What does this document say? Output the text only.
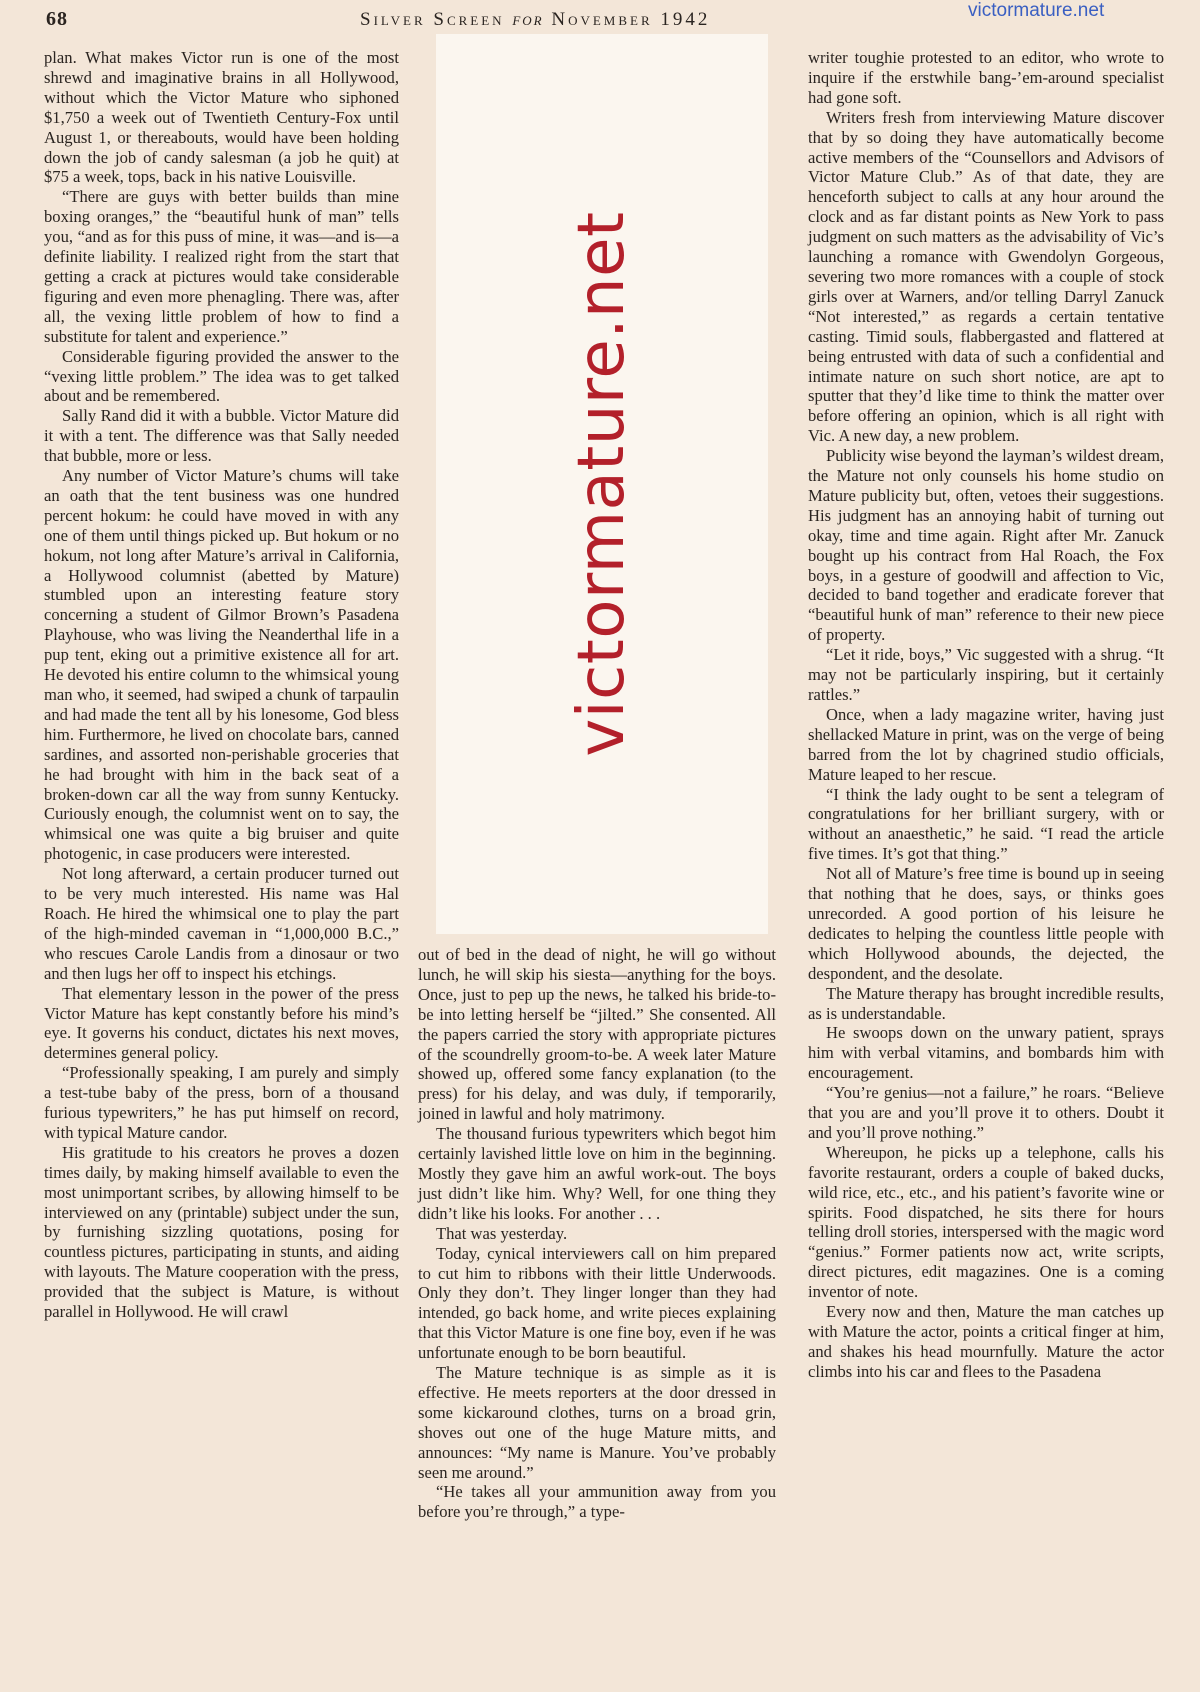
68	Silver Screen for November 1942	victormature.net
victormature.net

plan. What makes Victor run is one of the most shrewd and imaginative brains in all Hollywood, without which the Victor Mature who siphoned $1,750 a week out of Twentieth Century-Fox until August 1, or thereabouts, would have been holding down the job of candy salesman (a job he quit) at $75 a week, tops, back in his native Louisville.

“There are guys with better builds than mine boxing oranges,” the “beautiful hunk of man” tells you, “and as for this puss of mine, it was—and is—a definite liability. I realized right from the start that getting a crack at pictures would take considerable figuring and even more phenagling. There was, after all, the vexing little problem of how to find a substitute for talent and experience.”

Considerable figuring provided the answer to the “vexing little problem.” The idea was to get talked about and be remembered.

Sally Rand did it with a bubble. Victor Mature did it with a tent. The difference was that Sally needed that bubble, more or less.

Any number of Victor Mature’s chums will take an oath that the tent business was one hundred percent hokum: he could have moved in with any one of them until things picked up. But hokum or no hokum, not long after Mature’s arrival in California, a Hollywood columnist (abetted by Mature) stumbled upon an interesting feature story concerning a student of Gilmor Brown’s Pasadena Playhouse, who was living the Neanderthal life in a pup tent, eking out a primitive existence all for art. He devoted his entire column to the whimsical young man who, it seemed, had swiped a chunk of tarpaulin and had made the tent all by his lonesome, God bless him. Furthermore, he lived on chocolate bars, canned sardines, and assorted non-perishable groceries that he had brought with him in the back seat of a broken-down car all the way from sunny Kentucky. Curiously enough, the columnist went on to say, the whimsical one was quite a big bruiser and quite photogenic, in case producers were interested.

Not long afterward, a certain producer turned out to be very much interested. His name was Hal Roach. He hired the whimsical one to play the part of the high-minded caveman in “1,000,000 B.C.,” who rescues Carole Landis from a dinosaur or two and then lugs her off to inspect his etchings.

That elementary lesson in the power of the press Victor Mature has kept constantly before his mind’s eye. It governs his conduct, dictates his next moves, determines general policy.

“Professionally speaking, I am purely and simply a test-tube baby of the press, born of a thousand furious typewriters,” he has put himself on record, with typical Mature candor.

His gratitude to his creators he proves a dozen times daily, by making himself available to even the most unimportant scribes, by allowing himself to be interviewed on any (printable) subject under the sun, by furnishing sizzling quotations, posing for countless pictures, participating in stunts, and aiding with layouts. The Mature cooperation with the press, provided that the subject is Mature, is without parallel in Hollywood. He will crawl

out of bed in the dead of night, he will go without lunch, he will skip his siesta—anything for the boys. Once, just to pep up the news, he talked his bride-to-be into letting herself be “jilted.” She consented. All the papers carried the story with appropriate pictures of the scoundrelly groom-to-be. A week later Mature showed up, offered some fancy explanation (to the press) for his delay, and was duly, if temporarily, joined in lawful and holy matrimony.

The thousand furious typewriters which begot him certainly lavished little love on him in the beginning. Mostly they gave him an awful work-out. The boys just didn’t like him. Why? Well, for one thing they didn’t like his looks. For another . . .

That was yesterday.

Today, cynical interviewers call on him prepared to cut him to ribbons with their little Underwoods. Only they don’t. They linger longer than they had intended, go back home, and write pieces explaining that this Victor Mature is one fine boy, even if he was unfortunate enough to be born beautiful.

The Mature technique is as simple as it is effective. He meets reporters at the door dressed in some kickaround clothes, turns on a broad grin, shoves out one of the huge Mature mitts, and announces: “My name is Manure. You’ve probably seen me around.”

“He takes all your ammunition away from you before you’re through,” a type-

writer toughie protested to an editor, who wrote to inquire if the erstwhile bang-’em-around specialist had gone soft.

Writers fresh from interviewing Mature discover that by so doing they have automatically become active members of the “Counsellors and Advisors of Victor Mature Club.” As of that date, they are henceforth subject to calls at any hour around the clock and as far distant points as New York to pass judgment on such matters as the advisability of Vic’s launching a romance with Gwendolyn Gorgeous, severing two more romances with a couple of stock girls over at Warners, and/or telling Darryl Zanuck “Not interested,” as regards a certain tentative casting. Timid souls, flabbergasted and flattered at being entrusted with data of such a confidential and intimate nature on such short notice, are apt to sputter that they’d like time to think the matter over before offering an opinion, which is all right with Vic. A new day, a new problem.

Publicity wise beyond the layman’s wildest dream, the Mature not only counsels his home studio on Mature publicity but, often, vetoes their suggestions. His judgment has an annoying habit of turning out okay, time and time again. Right after Mr. Zanuck bought up his contract from Hal Roach, the Fox boys, in a gesture of goodwill and affection to Vic, decided to band together and eradicate forever that “beautiful hunk of man” reference to their new piece of property.

“Let it ride, boys,” Vic suggested with a shrug. “It may not be particularly inspiring, but it certainly rattles.”

Once, when a lady magazine writer, having just shellacked Mature in print, was on the verge of being barred from the lot by chagrined studio officials, Mature leaped to her rescue.

“I think the lady ought to be sent a telegram of congratulations for her brilliant surgery, with or without an anaesthetic,” he said. “I read the article five times. It’s got that thing.”

Not all of Mature’s free time is bound up in seeing that nothing that he does, says, or thinks goes unrecorded. A good portion of his leisure he dedicates to helping the countless little people with which Hollywood abounds, the dejected, the despondent, and the desolate.

The Mature therapy has brought incredible results, as is understandable.

He swoops down on the unwary patient, sprays him with verbal vitamins, and bombards him with encouragement.

“You’re genius—not a failure,” he roars. “Believe that you are and you’ll prove it to others. Doubt it and you’ll prove nothing.”

Whereupon, he picks up a telephone, calls his favorite restaurant, orders a couple of baked ducks, wild rice, etc., etc., and his patient’s favorite wine or spirits. Food dispatched, he sits there for hours telling droll stories, interspersed with the magic word “genius.” Former patients now act, write scripts, direct pictures, edit magazines. One is a coming inventor of note.

Every now and then, Mature the man catches up with Mature the actor, points a critical finger at him, and shakes his head mournfully. Mature the actor climbs into his car and flees to the Pasadena
